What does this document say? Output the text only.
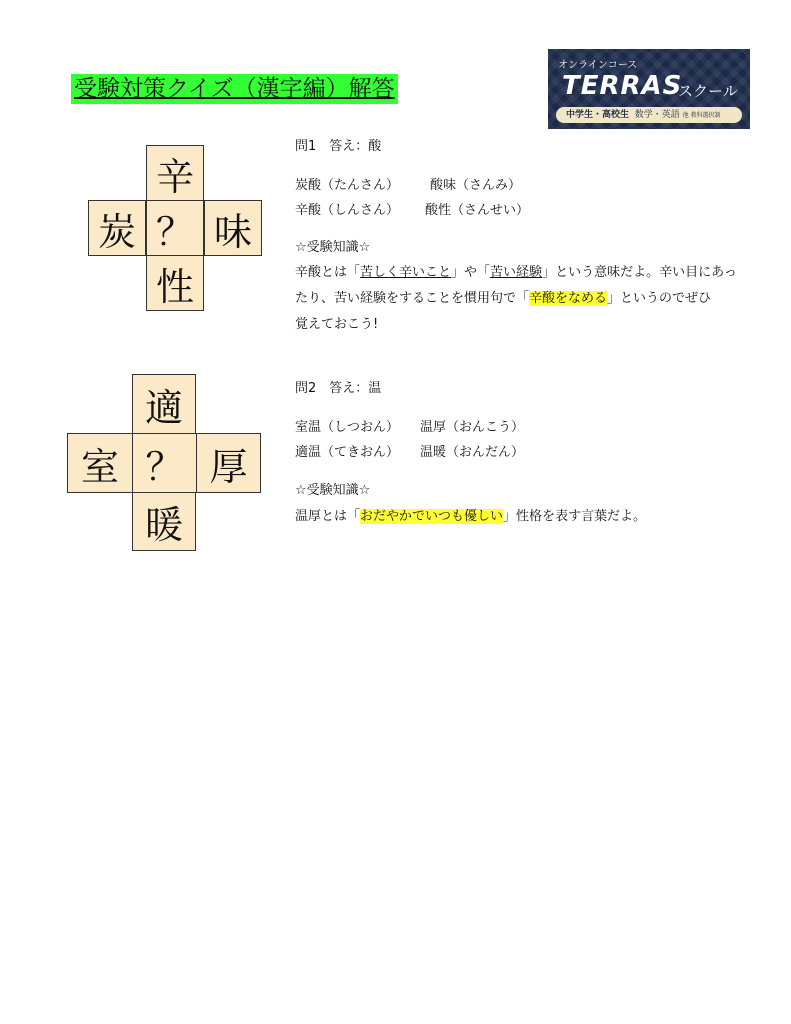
受験対策クイズ（漢字編）解答
オンラインコース
TERRAS
スクール
中学生・高校生 数学・英語 他 教科選択制
辛
炭 ？ 味
性
問1　答え：酸
炭酸（たんさん） 酸味（さんみ）
辛酸（しんさん） 酸性（さんせい）
☆受験知識☆
辛酸とは「苦しく辛いこと」や「苦い経験」という意味だよ。辛い目にあっ
たり、苦い経験をすることを慣用句で「辛酸をなめる」というのでぜひ
覚えておこう!
適
室 ？ 厚
暖
問2　答え：温
室温（しつおん） 温厚（おんこう）
適温（てきおん） 温暖（おんだん）
☆受験知識☆
温厚とは「おだやかでいつも優しい」性格を表す言葉だよ。
